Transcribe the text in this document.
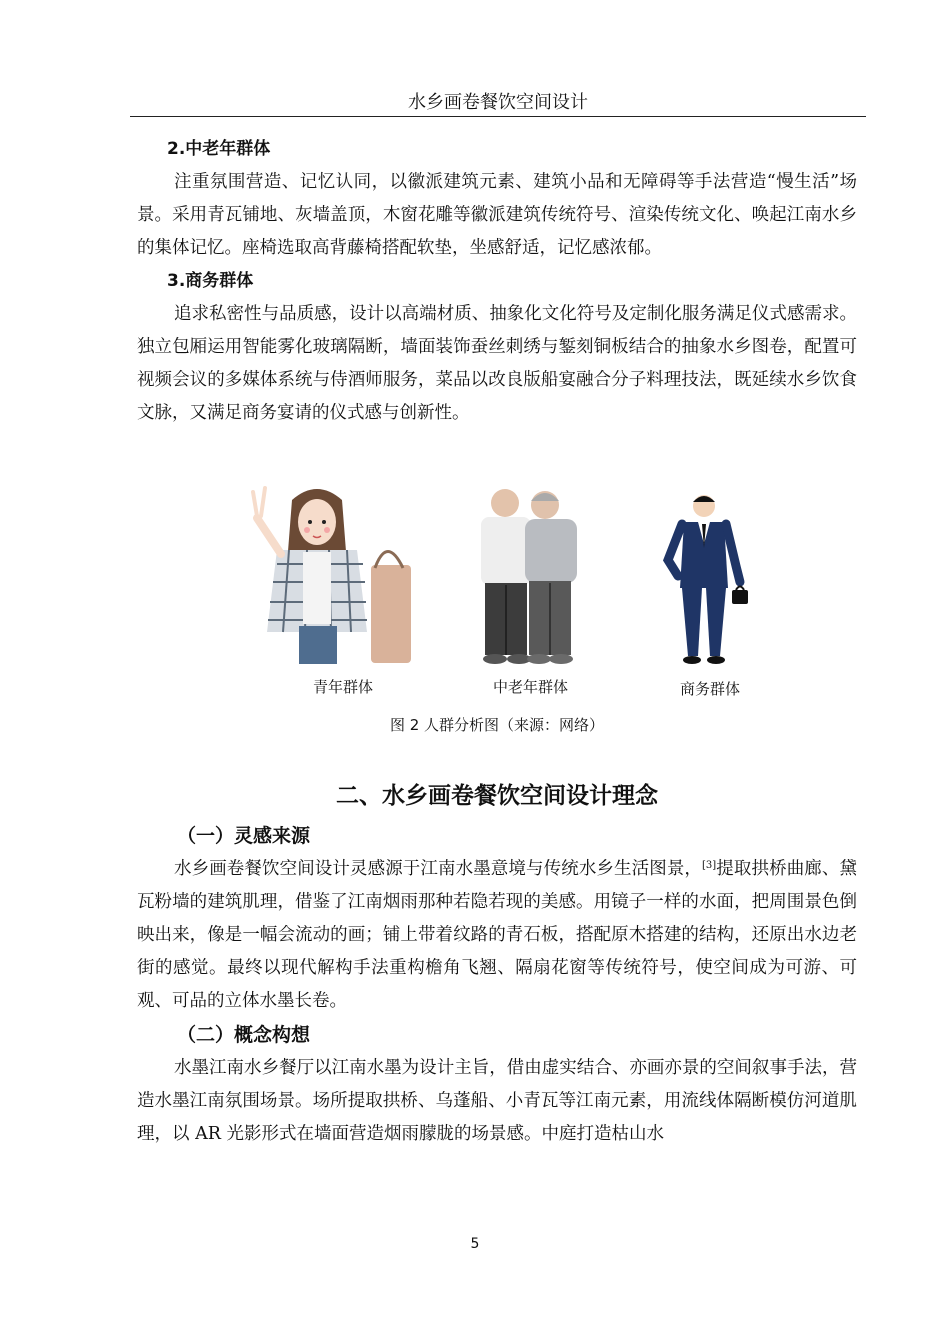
水乡画卷餐饮空间设计
2.中老年群体

注重氛围营造、记忆认同，以徽派建筑元素、建筑小品和无障碍等手法营造“慢生活”场景。采用青瓦铺地、灰墙盖顶，木窗花雕等徽派建筑传统符号、渲染传统文化、唤起江南水乡的集体记忆。座椅选取高背藤椅搭配软垫，坐感舒适，记忆感浓郁。

3.商务群体

追求私密性与品质感，设计以高端材质、抽象化文化符号及定制化服务满足仪式感需求。 独立包厢运用智能雾化玻璃隔断，墙面装饰蚕丝刺绣与錾刻铜板结合的抽象水乡图卷，配置可视频会议的多媒体系统与侍酒师服务，菜品以改良版船宴融合分子料理技法，既延续水乡饮食文脉，又满足商务宴请的仪式感与创新性。

青年群体	中老年群体	商务群体
图 2 人群分析图（来源：网络）
二、水乡画卷餐饮空间设计理念
（一）灵感来源

水乡画卷餐饮空间设计灵感源于江南水墨意境与传统水乡生活图景，[3]提取拱桥曲廊、黛瓦粉墙的建筑肌理，借鉴了江南烟雨那种若隐若现的美感。用镜子一样的水面，把周围景色倒映出来，像是一幅会流动的画；铺上带着纹路的青石板，搭配原木搭建的结构，还原出水边老街的感觉。最终以现代解构手法重构檐角飞翘、隔扇花窗等传统符号，使空间成为可游、可观、可品的立体水墨长卷。

（二）概念构想

水墨江南水乡餐厅以江南水墨为设计主旨，借由虚实结合、亦画亦景的空间叙事手法，营造水墨江南氛围场景。场所提取拱桥、乌蓬船、小青瓦等江南元素，用流线体隔断模仿河道肌理，以 AR 光影形式在墙面营造烟雨朦胧的场景感。中庭打造枯山水

5
